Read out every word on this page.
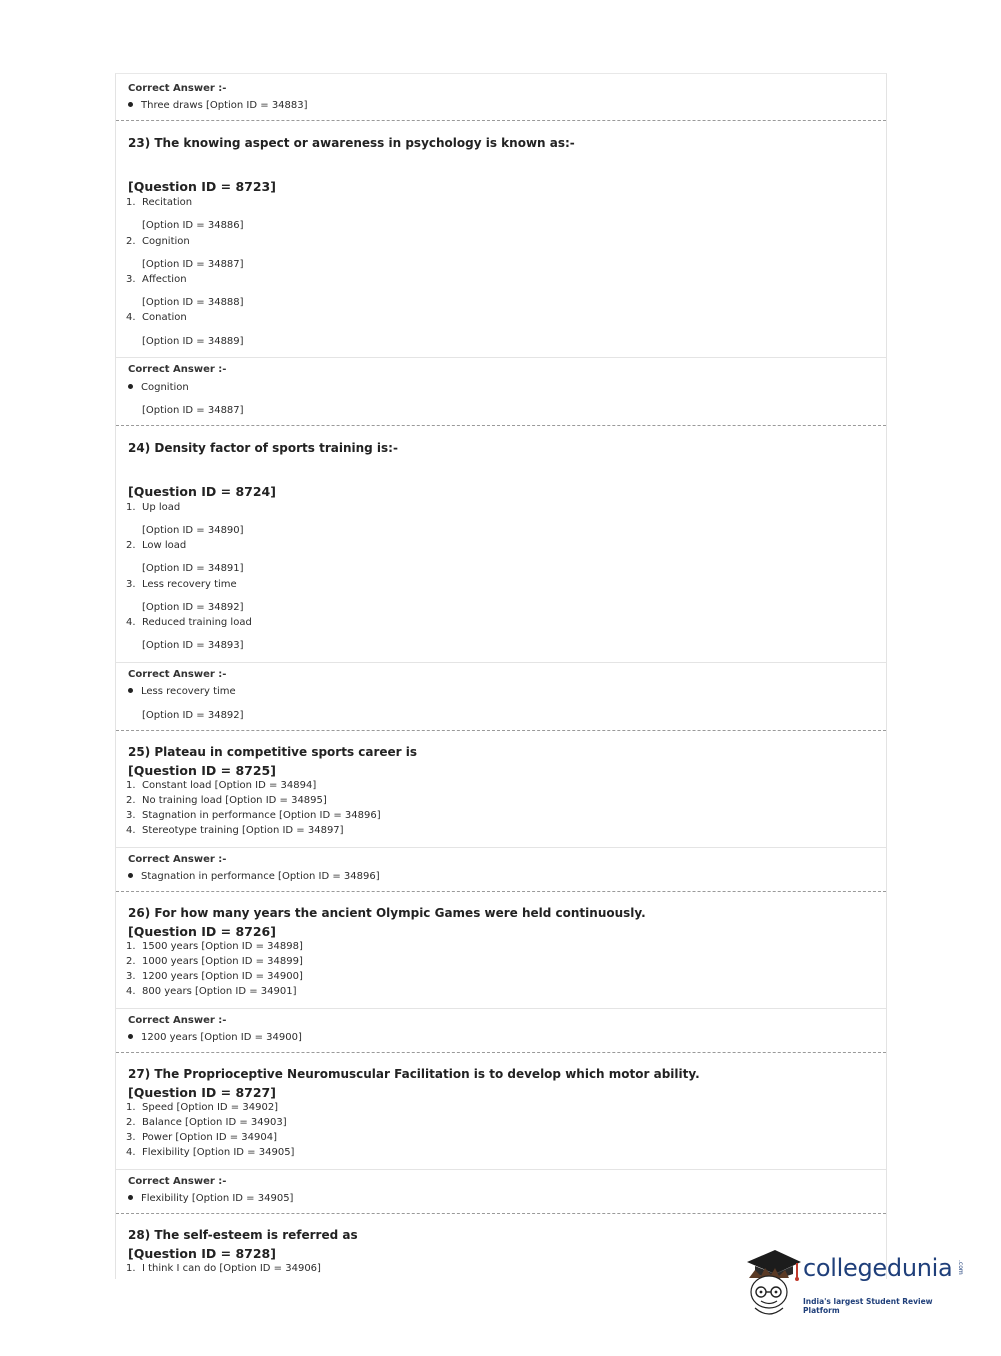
Correct Answer :-
Three draws [Option ID = 34883]
23) The knowing aspect or awareness in psychology is known as:-
[Question ID = 8723]
1. Recitation
[Option ID = 34886]
2. Cognition
[Option ID = 34887]
3. Affection
[Option ID = 34888]
4. Conation
[Option ID = 34889]
Correct Answer :-
Cognition
[Option ID = 34887]
24) Density factor of sports training is:-
[Question ID = 8724]
1. Up load
[Option ID = 34890]
2. Low load
[Option ID = 34891]
3. Less recovery time
[Option ID = 34892]
4. Reduced training load
[Option ID = 34893]
Correct Answer :-
Less recovery time
[Option ID = 34892]
25) Plateau in competitive sports career is
[Question ID = 8725]
1. Constant load [Option ID = 34894]
2. No training load [Option ID = 34895]
3. Stagnation in performance [Option ID = 34896]
4. Stereotype training [Option ID = 34897]
Correct Answer :-
Stagnation in performance [Option ID = 34896]
26) For how many years the ancient Olympic Games were held continuously.
[Question ID = 8726]
1. 1500 years [Option ID = 34898]
2. 1000 years [Option ID = 34899]
3. 1200 years [Option ID = 34900]
4. 800 years [Option ID = 34901]
Correct Answer :-
1200 years [Option ID = 34900]
27) The Proprioceptive Neuromuscular Facilitation is to develop which motor ability.
[Question ID = 8727]
1. Speed [Option ID = 34902]
2. Balance [Option ID = 34903]
3. Power [Option ID = 34904]
4. Flexibility [Option ID = 34905]
Correct Answer :-
Flexibility [Option ID = 34905]
28) The self-esteem is referred as
[Question ID = 8728]
1. I think I can do [Option ID = 34906]	collegedunia .com
India's largest Student Review Platform
